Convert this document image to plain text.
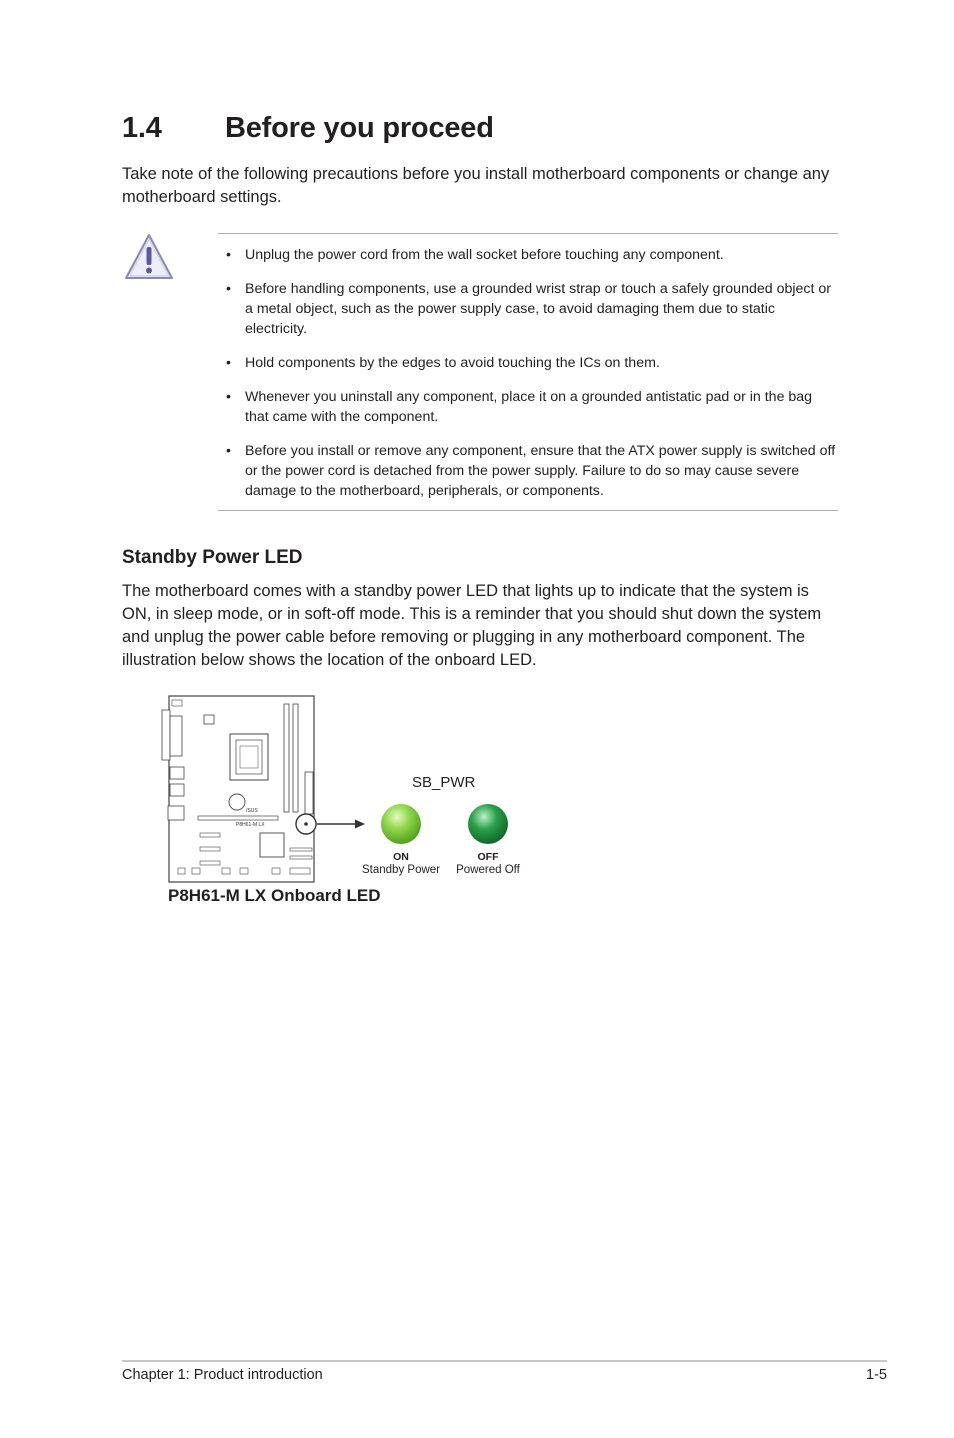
1.4 Before you proceed

Take note of the following precautions before you install motherboard components or change any motherboard settings.

• Unplug the power cord from the wall socket before touching any component.
• Before handling components, use a grounded wrist strap or touch a safely grounded object or a metal object, such as the power supply case, to avoid damaging them due to static electricity.
• Hold components by the edges to avoid touching the ICs on them.
• Whenever you uninstall any component, place it on a grounded antistatic pad or in the bag that came with the component.
• Before you install or remove any component, ensure that the ATX power supply is switched off or the power cord is detached from the power supply. Failure to do so may cause severe damage to the motherboard, peripherals, or components.
Standby Power LED

The motherboard comes with a standby power LED that lights up to indicate that the system is ON, in sleep mode, or in soft-off mode. This is a reminder that you should shut down the system and unplug the power cable before removing or plugging in any motherboard component. The illustration below shows the location of the onboard LED.

/SUS
P8H61-M LX
SB_PWR
ON
Standby Power
OFF
Powered Off

P8H61-M LX Onboard LED

Chapter 1: Product introduction	1-5
